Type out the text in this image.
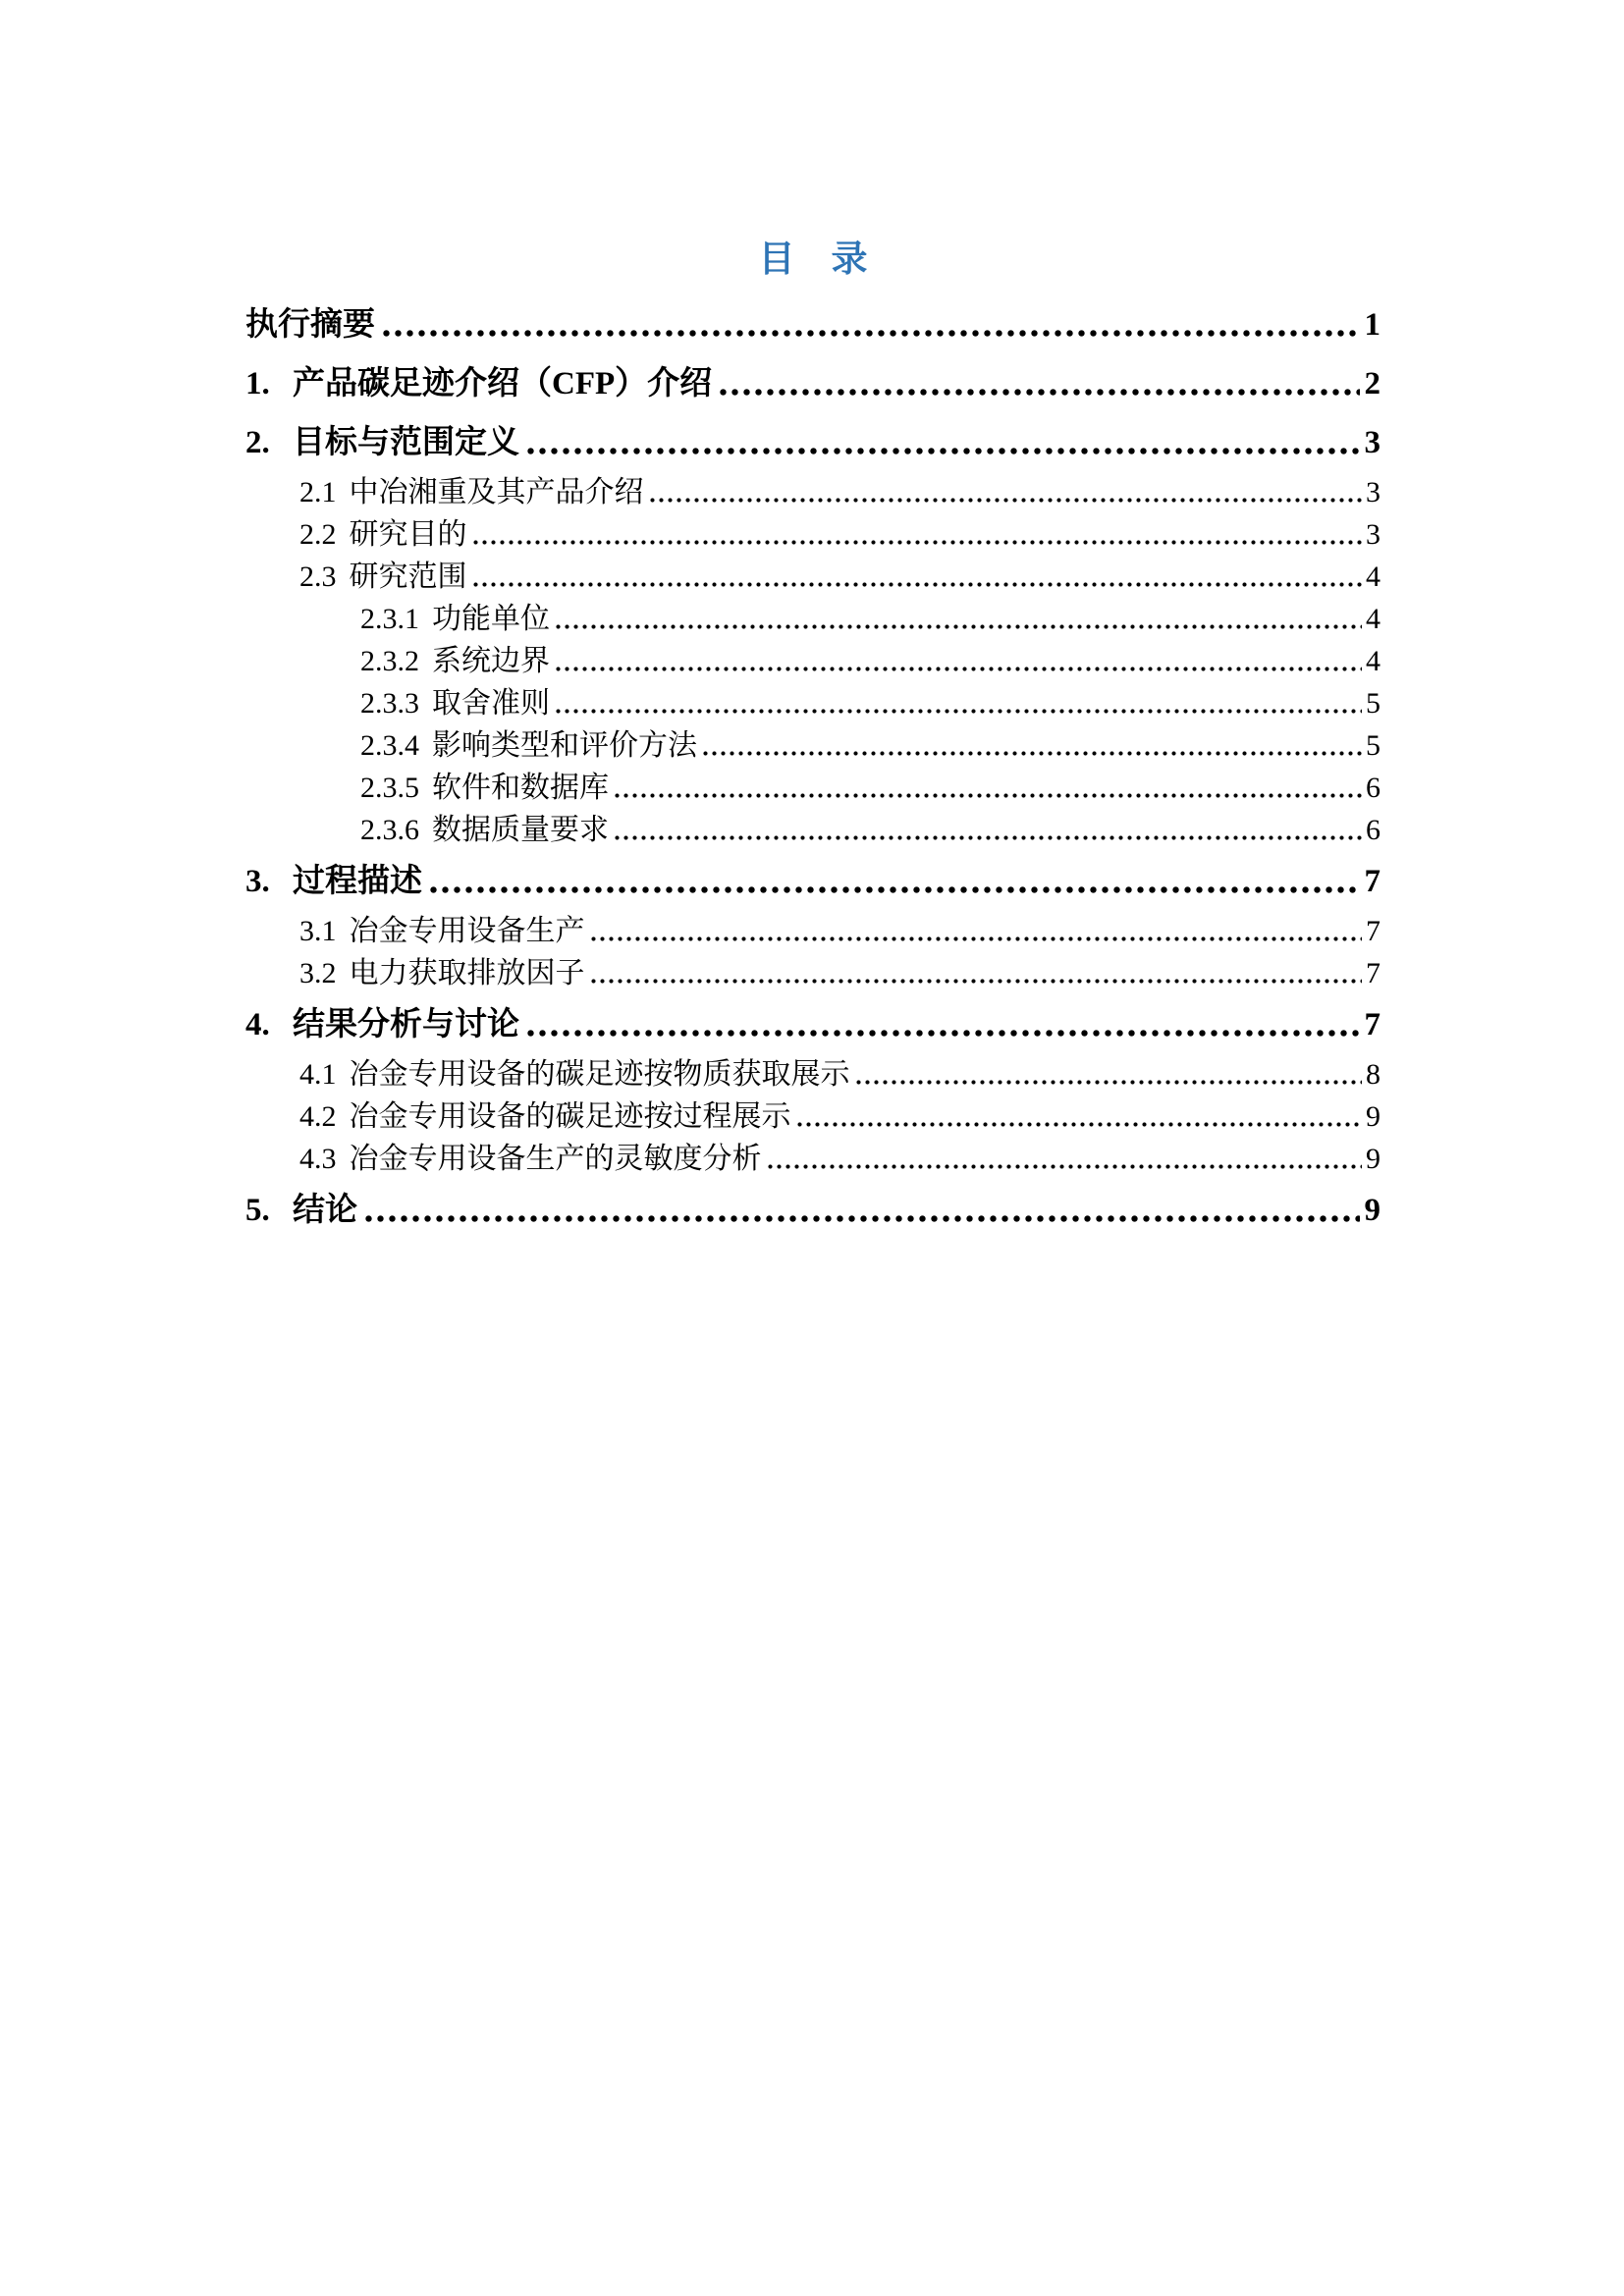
目　录
执行摘要	1
1. 产品碳足迹介绍（CFP）介绍	2
2. 目标与范围定义	3
2.1 中冶湘重及其产品介绍	3
2.2 研究目的	3
2.3 研究范围	4
2.3.1 功能单位	4
2.3.2 系统边界	4
2.3.3 取舍准则	5
2.3.4 影响类型和评价方法	5
2.3.5 软件和数据库	6
2.3.6 数据质量要求	6
3. 过程描述	7
3.1 冶金专用设备生产	7
3.2 电力获取排放因子	7
4. 结果分析与讨论	7
4.1 冶金专用设备的碳足迹按物质获取展示	8
4.2 冶金专用设备的碳足迹按过程展示	9
4.3 冶金专用设备生产的灵敏度分析	9
5. 结论	9
